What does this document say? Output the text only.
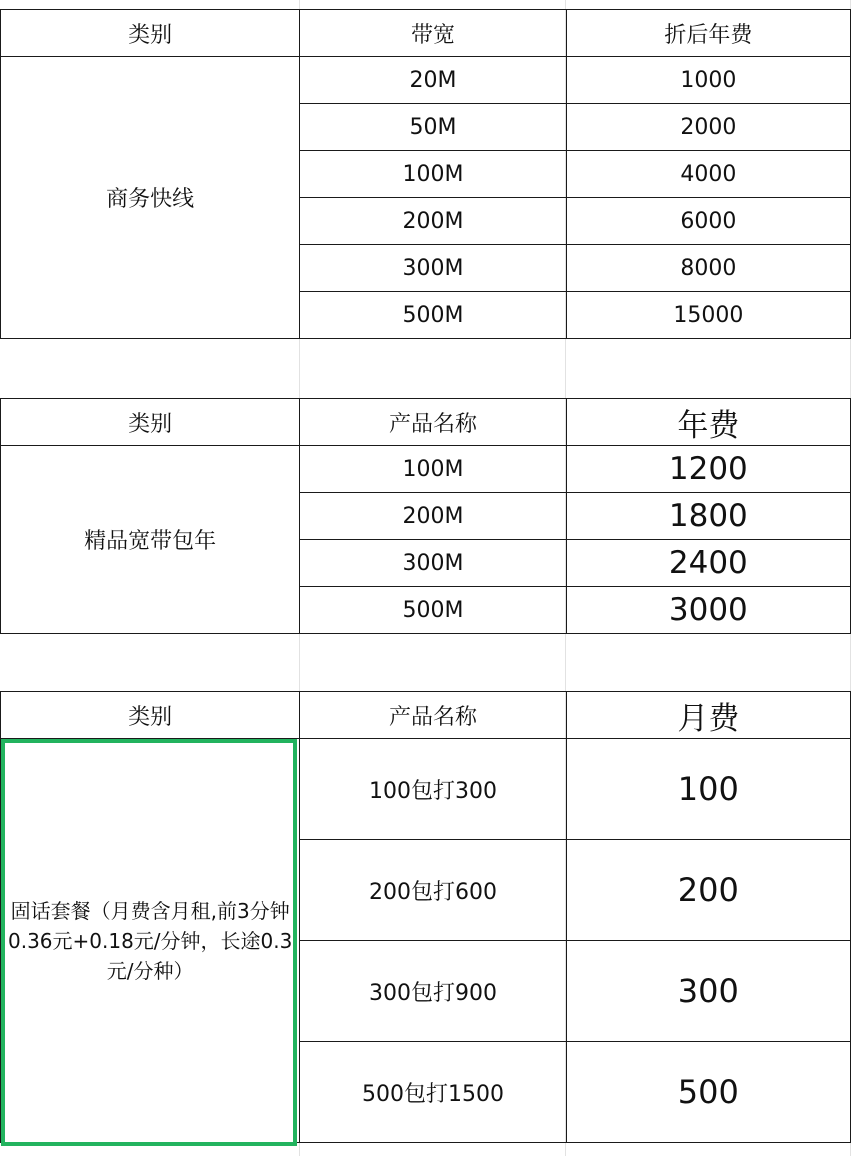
类别	带宽	折后年费
商务快线	20M	1000
	50M	2000
	100M	4000
	200M	6000
	300M	8000
	500M	15000
类别	产品名称	年费
精品宽带包年	100M	1200
	200M	1800
	300M	2400
	500M	3000
类别	产品名称	月费
固话套餐（月费含月租,前3分钟0.36元+0.18元/分钟，长途0.3元/分种）	100包打300	100
	200包打600	200
	300包打900	300
	500包打1500	500
